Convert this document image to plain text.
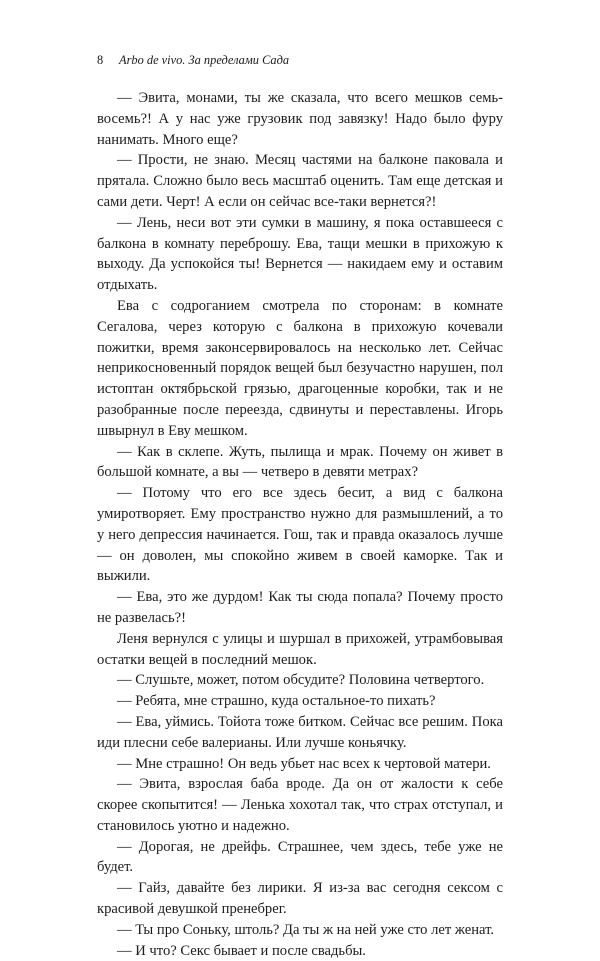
8 Arbo de vivo. За пределами Сада

— Эвита, монами, ты же сказала, что всего мешков семь-восемь?! А у нас уже грузовик под завязку! Надо было фуру нанимать. Много еще?

— Прости, не знаю. Месяц частями на балконе паковала и прятала. Сложно было весь масштаб оценить. Там еще детская и сами дети. Черт! А если он сейчас все-таки вернется?!

— Лень, неси вот эти сумки в машину, я пока оставшееся с балкона в комнату переброшу. Ева, тащи мешки в прихожую к выходу. Да успокойся ты! Вернется — накидаем ему и оставим отдыхать.

Ева с содроганием смотрела по сторонам: в комнате Сегалова, через которую с балкона в прихожую кочевали пожитки, время законсервировалось на несколько лет. Сейчас неприкосновенный порядок вещей был безучастно нарушен, пол истоптан октябрьской грязью, драгоценные коробки, так и не разобранные после переезда, сдвинуты и переставлены. Игорь швырнул в Еву мешком.

— Как в склепе. Жуть, пылища и мрак. Почему он живет в большой комнате, а вы — четверо в девяти метрах?

— Потому что его все здесь бесит, а вид с балкона умиротворяет. Ему пространство нужно для размышлений, а то у него депрессия начинается. Гош, так и правда оказалось лучше — он доволен, мы спокойно живем в своей каморке. Так и выжили.

— Ева, это же дурдом! Как ты сюда попала? Почему просто не развелась?!

Леня вернулся с улицы и шуршал в прихожей, утрамбовывая остатки вещей в последний мешок.

— Слушьте, может, потом обсудите? Половина четвертого.

— Ребята, мне страшно, куда остальное-то пихать?

— Ева, уймись. Тойота тоже битком. Сейчас все решим. Пока иди плесни себе валерианы. Или лучше коньячку.

— Мне страшно! Он ведь убьет нас всех к чертовой матери.

— Эвита, взрослая баба вроде. Да он от жалости к себе скорее скопытится! — Ленька хохотал так, что страх отступал, и становилось уютно и надежно.

— Дорогая, не дрейфь. Страшнее, чем здесь, тебе уже не будет.

— Гайз, давайте без лирики. Я из-за вас сегодня сексом с красивой девушкой пренебрег.

— Ты про Соньку, штоль? Да ты ж на ней уже сто лет женат.

— И что? Секс бывает и после свадьбы.
